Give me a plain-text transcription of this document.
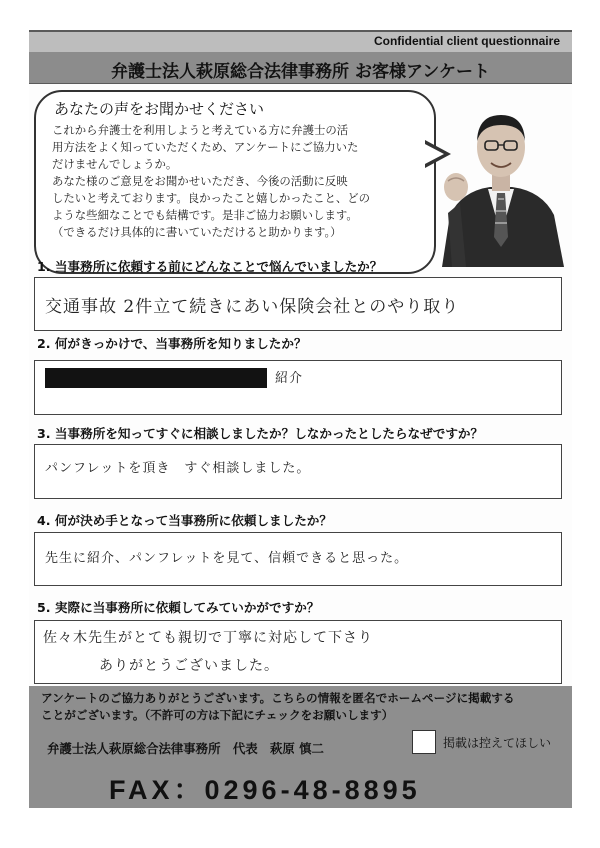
Confidential client questionnaire
弁護士法人萩原総合法律事務所 お客様アンケート
あなたの声をお聞かせください
これから弁護士を利用しようと考えている方に弁護士の活
用方法をよく知っていただくため、アンケートにご協力いた
だけませんでしょうか。
あなた様のご意見をお聞かせいただき、今後の活動に反映
したいと考えております。良かったこと嬉しかったこと、どの
ような些細なことでも結構です。是非ご協力お願いします。
（できるだけ具体的に書いていただけると助かります。）
1. 当事務所に依頼する前にどんなことで悩んでいましたか？
交通事故 2件立て続きにあい保険会社とのやり取り
2. 何がきっかけで、当事務所を知りましたか？
紹介
3. 当事務所を知ってすぐに相談しましたか？しなかったとしたらなぜですか？
パンフレットを頂き　すぐ相談しました。
4. 何が決め手となって当事務所に依頼しましたか？
先生に紹介、パンフレットを見て、信頼できると思った。
5. 実際に当事務所に依頼してみていかがですか？
佐々木先生がとても親切で丁寧に対応して下さり
ありがとうございました。
アンケートのご協力ありがとうございます。こちらの情報を匿名でホームページに掲載する
ことがございます。（不許可の方は下記にチェックをお願いします）
弁護士法人萩原総合法律事務所　代表　萩原 慎二	掲載は控えてほしい
FAX：0296-48-8895
